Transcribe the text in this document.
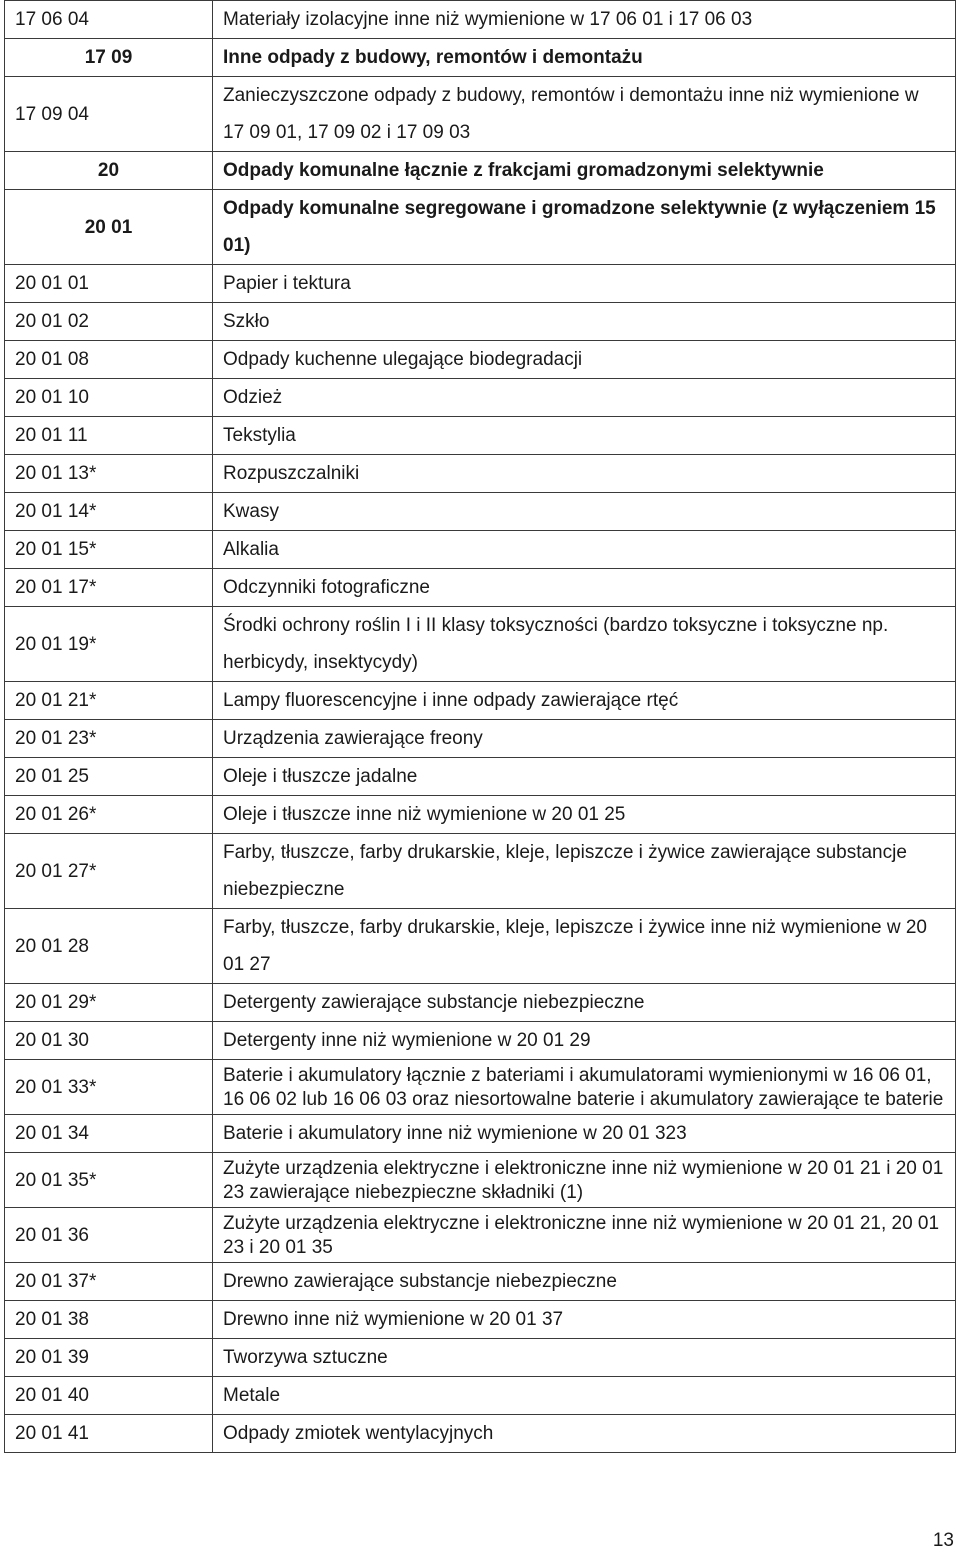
17 06 04	Materiały izolacyjne inne niż wymienione w 17 06 01 i 17 06 03
17 09	Inne odpady z budowy, remontów i demontażu
17 09 04	Zanieczyszczone odpady z budowy, remontów i demontażu inne niż wymienione w 17 09 01, 17 09 02 i 17 09 03
20	Odpady komunalne łącznie z frakcjami gromadzonymi selektywnie
20 01	Odpady komunalne segregowane i gromadzone selektywnie (z wyłączeniem 15 01)
20 01 01	Papier i tektura
20 01 02	Szkło
20 01 08	Odpady kuchenne ulegające biodegradacji
20 01 10	Odzież
20 01 11	Tekstylia
20 01 13*	Rozpuszczalniki
20 01 14*	Kwasy
20 01 15*	Alkalia
20 01 17*	Odczynniki fotograficzne
20 01 19*	Środki ochrony roślin I i II klasy toksyczności (bardzo toksyczne i toksyczne np. herbicydy, insektycydy)
20 01 21*	Lampy fluorescencyjne i inne odpady zawierające rtęć
20 01 23*	Urządzenia zawierające freony
20 01 25	Oleje i tłuszcze jadalne
20 01 26*	Oleje i tłuszcze inne niż wymienione w 20 01 25
20 01 27*	Farby, tłuszcze, farby drukarskie, kleje, lepiszcze i żywice zawierające substancje niebezpieczne
20 01 28	Farby, tłuszcze, farby drukarskie, kleje, lepiszcze i żywice inne niż wymienione w 20 01 27
20 01 29*	Detergenty zawierające substancje niebezpieczne
20 01 30	Detergenty inne niż wymienione w 20 01 29
20 01 33*	Baterie i akumulatory łącznie z bateriami i akumulatorami wymienionymi w 16 06 01, 16 06 02 lub 16 06 03 oraz niesortowalne baterie i akumulatory zawierające te baterie
20 01 34	Baterie i akumulatory inne niż wymienione w 20 01 323
20 01 35*	Zużyte urządzenia elektryczne i elektroniczne inne niż wymienione w 20 01 21 i 20 01 23 zawierające niebezpieczne składniki (1)
20 01 36	Zużyte urządzenia elektryczne i elektroniczne inne niż wymienione w 20 01 21, 20 01 23 i 20 01 35
20 01 37*	Drewno zawierające substancje niebezpieczne
20 01 38	Drewno inne niż wymienione w 20 01 37
20 01 39	Tworzywa sztuczne
20 01 40	Metale
20 01 41	Odpady zmiotek wentylacyjnych
13
